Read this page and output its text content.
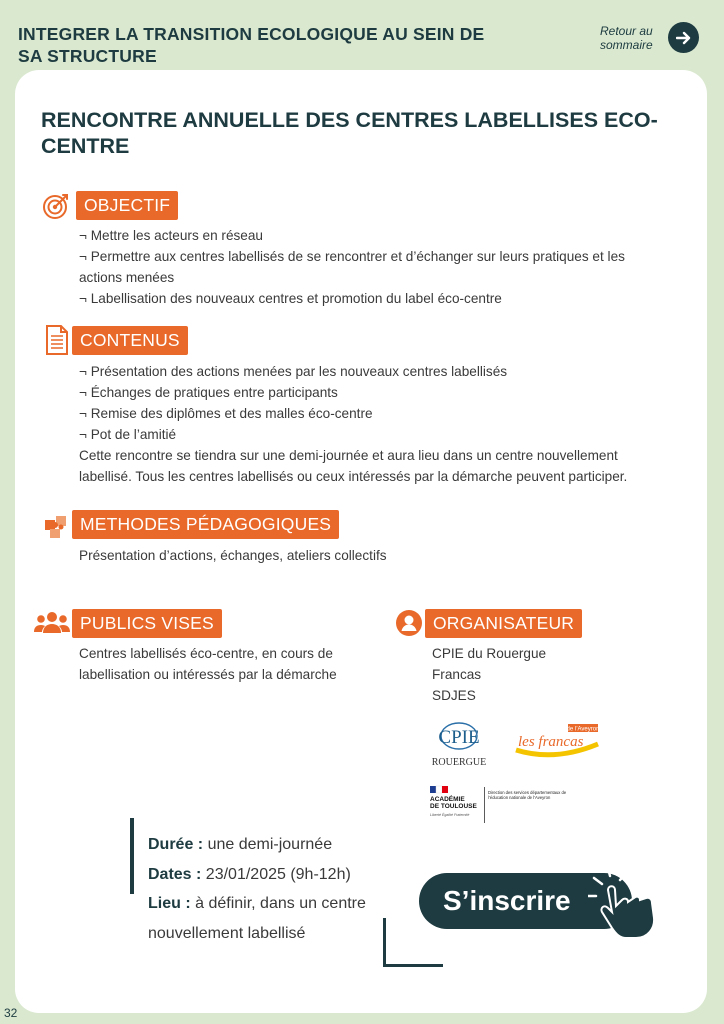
INTEGRER LA TRANSITION ECOLOGIQUE AU SEIN DE SA STRUCTURE
Retour au sommaire
RENCONTRE ANNUELLE DES CENTRES LABELLISES ECO-CENTRE
OBJECTIF

¬ Mettre les acteurs en réseau

¬ Permettre aux centres labellisés de se rencontrer et d’échanger sur leurs pratiques et les actions menées

¬ Labellisation des nouveaux centres et promotion du label éco-centre

CONTENUS

¬ Présentation des actions menées par les nouveaux centres labellisés

¬ Échanges de pratiques entre participants

¬ Remise des diplômes et des malles éco-centre

¬ Pot de l’amitié

Cette rencontre se tiendra sur une demi-journée et aura lieu dans un centre nouvellement labellisé. Tous les centres labellisés ou ceux intéressés par la démarche peuvent participer.
METHODES PÉDAGOGIQUES
Présentation d’actions, échanges, ateliers collectifs
PUBLICS VISES
Centres labellisés éco-centre, en cours de labellisation ou intéressés par la démarche
ORGANISATEUR

CPIE du Rouergue

Francas

SDJES

CPIE
ROUERGUE
de l’Aveyron
les francas
ACADÉMIE
DE TOULOUSE
Liberté Égalité Fraternité
Direction des services départementaux de l’éducation nationale de l’Aveyron
Durée : une demi-journée
Dates : 23/01/2025 (9h-12h)
Lieu : à définir, dans un centre nouvellement labellisé
S’inscrire
32
